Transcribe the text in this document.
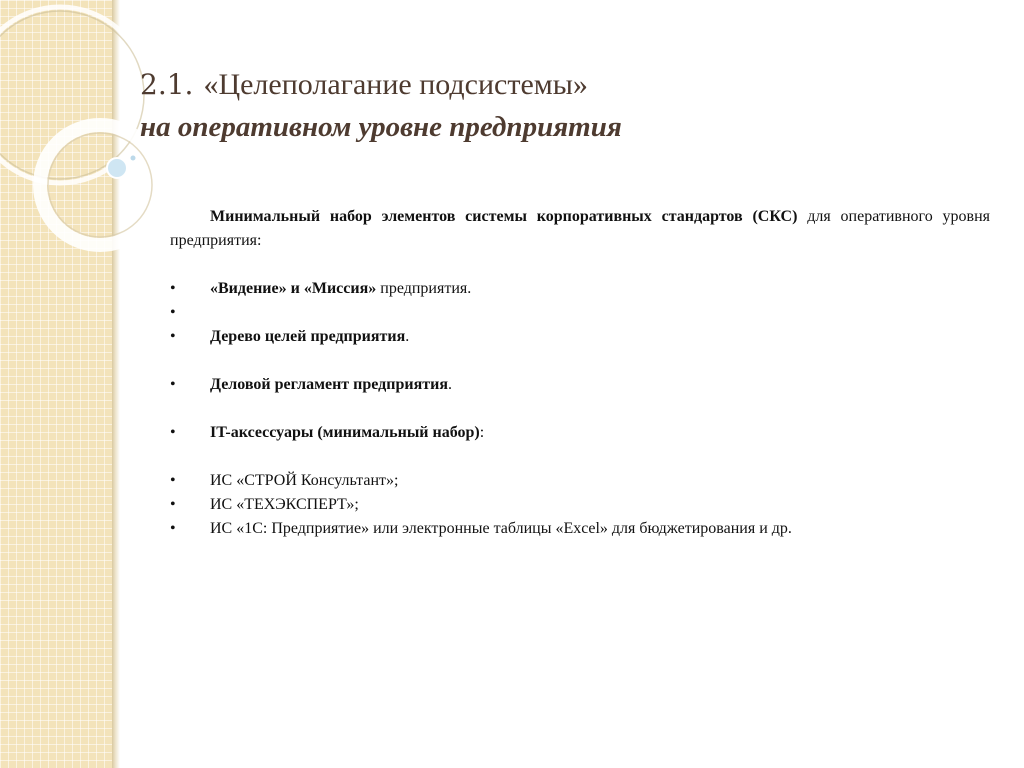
2.1. «Целеполагание подсистемы»
на оперативном уровне предприятия

Минимальный набор элементов системы корпоративных стандартов (СКС) для оперативного уровня предприятия:

• «Видение» и «Миссия» предприятия.
•
• Дерево целей предприятия.
• Деловой регламент предприятия.
• IT-аксессуары (минимальный набор):
• ИС «СТРОЙ Консультант»;
• ИС «ТЕХЭКСПЕРТ»;
• ИС «1С: Предприятие» или электронные таблицы «Excel» для бюджетирования и др.
